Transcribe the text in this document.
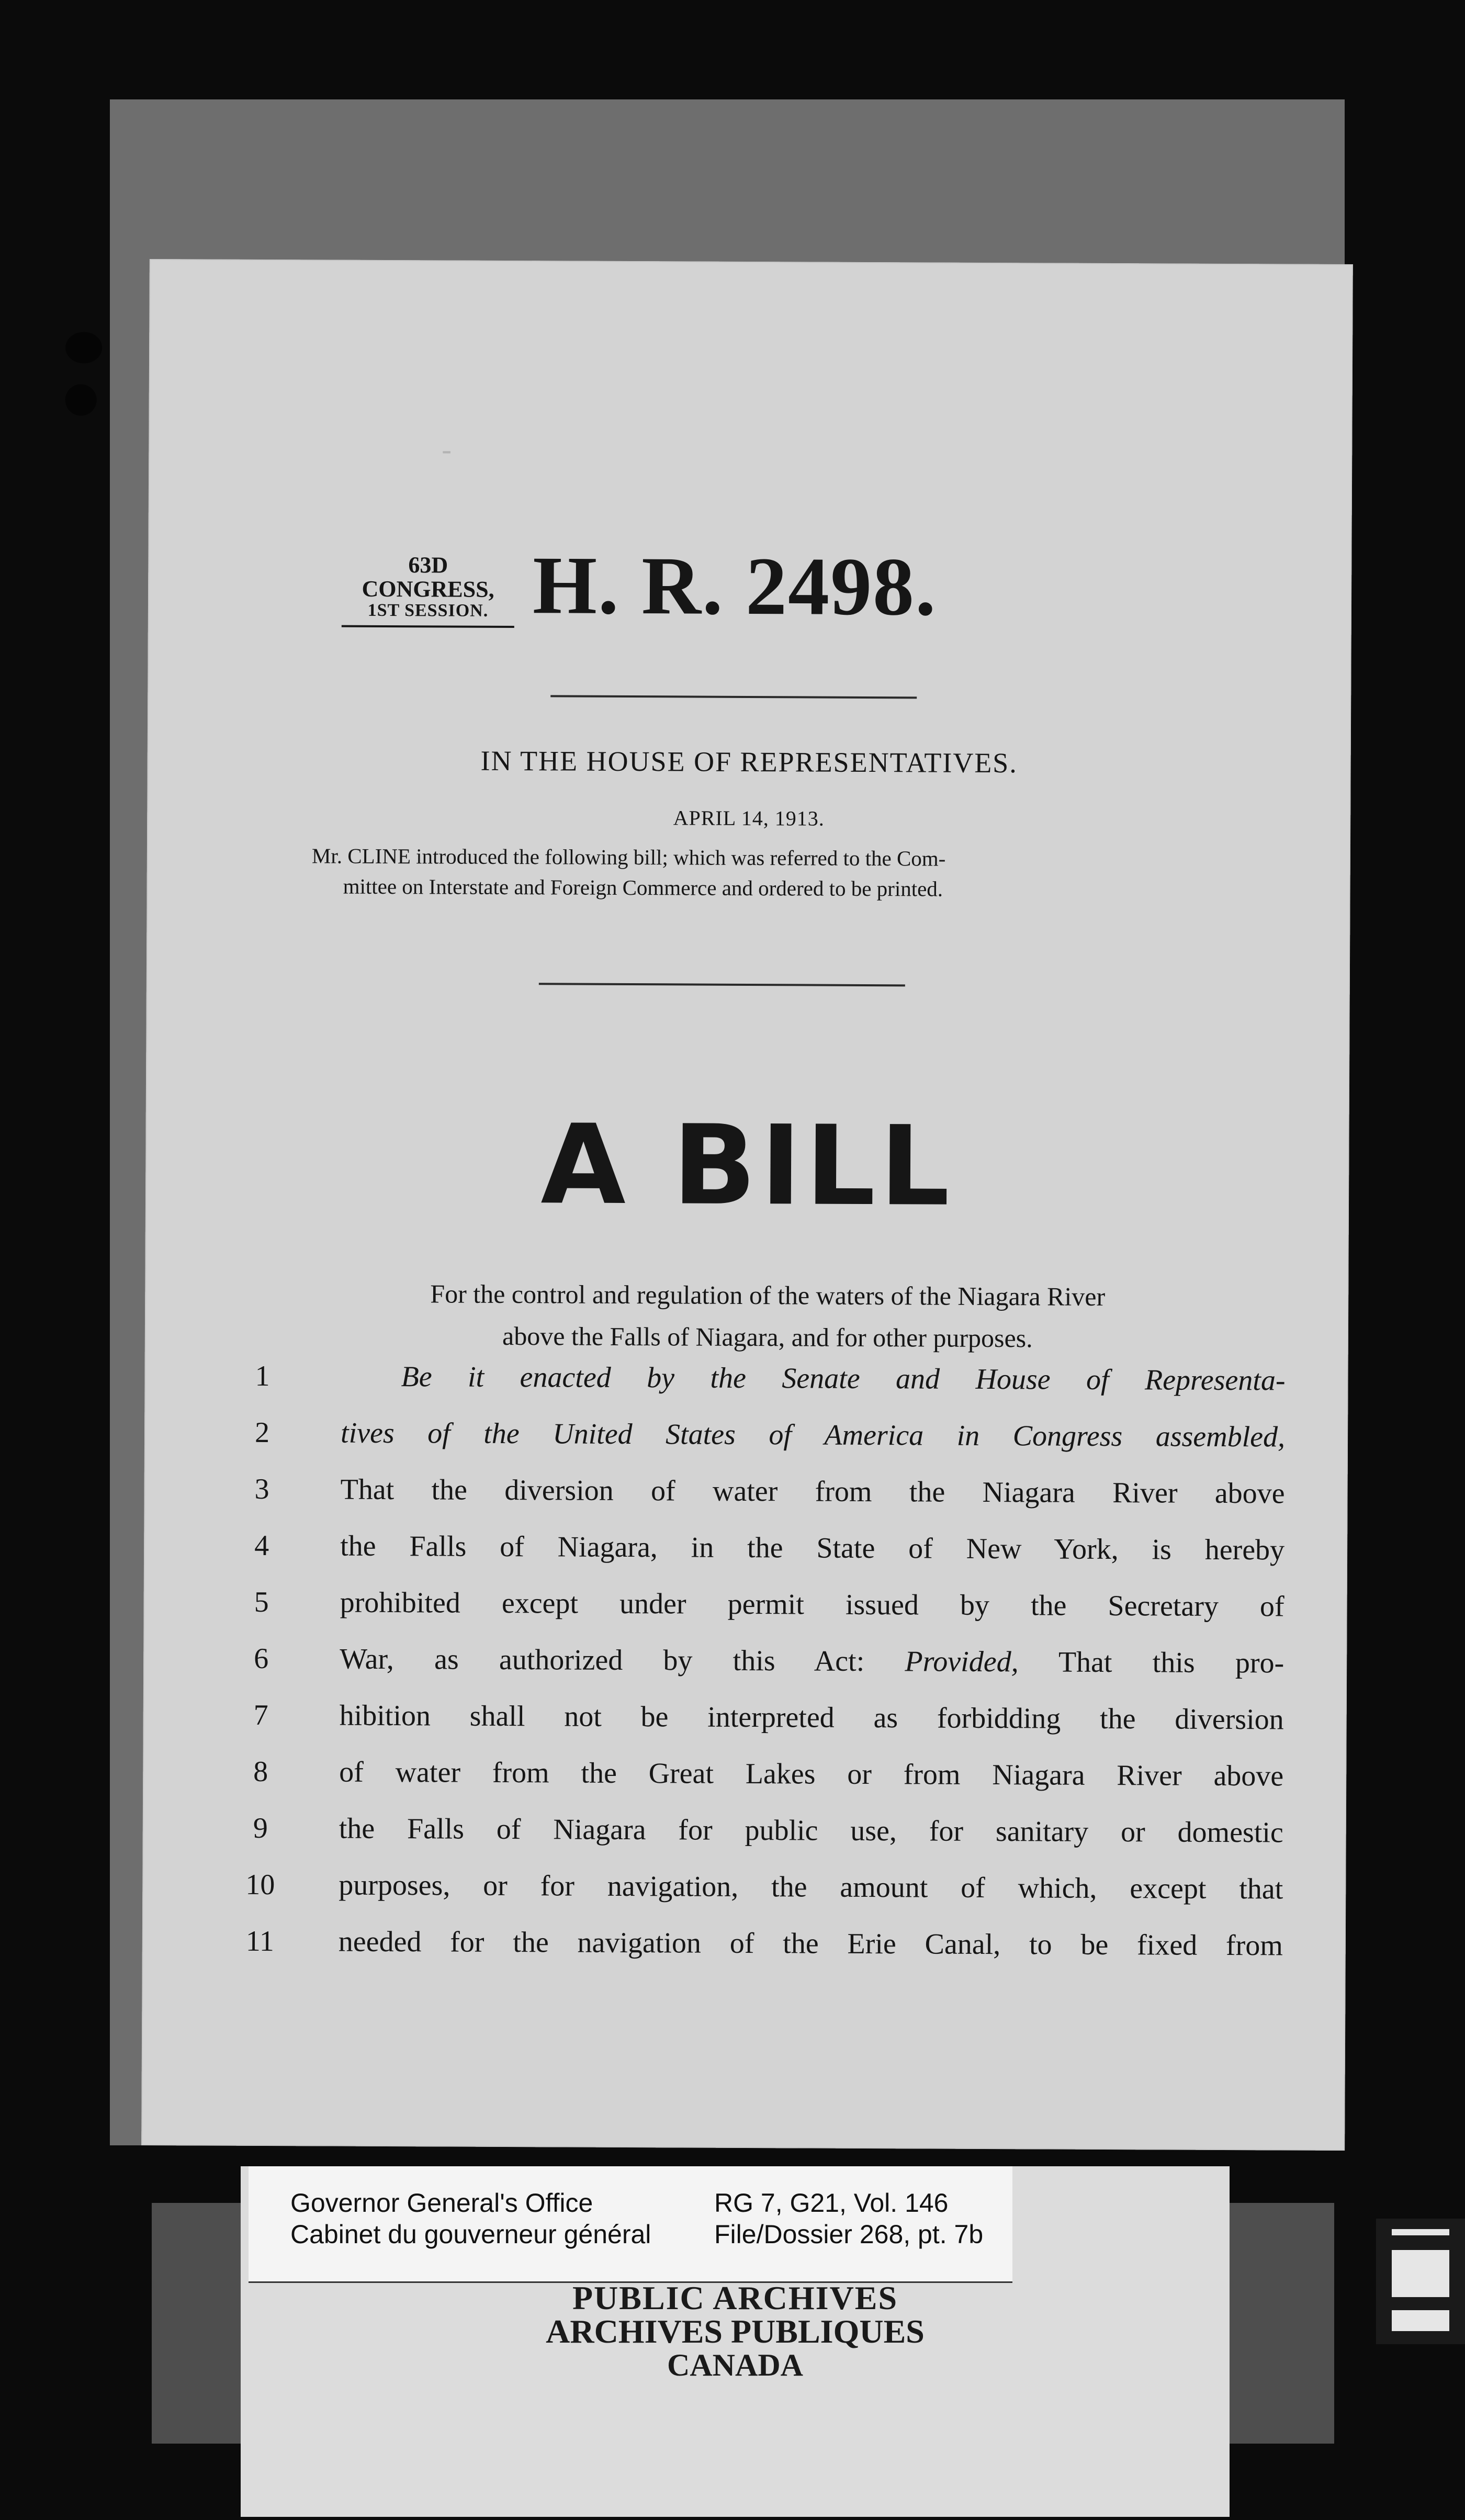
-
63D CONGRESS,
1ST SESSION. H. R. 2498.
IN THE HOUSE OF REPRESENTATIVES.
APRIL 14, 1913.
Mr. CLINE introduced the following bill; which was referred to the Com-
mittee on Interstate and Foreign Commerce and ordered to be printed.
A BILL
For the control and regulation of the waters of the Niagara River
above the Falls of Niagara, and for other purposes.
1	Be it enacted by the Senate and House of Representa-
2	tives of the United States of America in Congress assembled,
3	That the diversion of water from the Niagara River above
4	the Falls of Niagara, in the State of New York, is hereby
5	prohibited except under permit issued by the Secretary of
6	War, as authorized by this Act: Provided, That this pro-
7	hibition shall not be interpreted as forbidding the diversion
8	of water from the Great Lakes or from Niagara River above
9	the Falls of Niagara for public use, for sanitary or domestic
10	purposes, or for navigation, the amount of which, except that
11	needed for the navigation of the Erie Canal, to be fixed from
Governor General's Office
Cabinet du gouverneur général
RG 7, G21, Vol. 146
File/Dossier 268, pt. 7b
PUBLIC ARCHIVES
ARCHIVES PUBLIQUES
CANADA
